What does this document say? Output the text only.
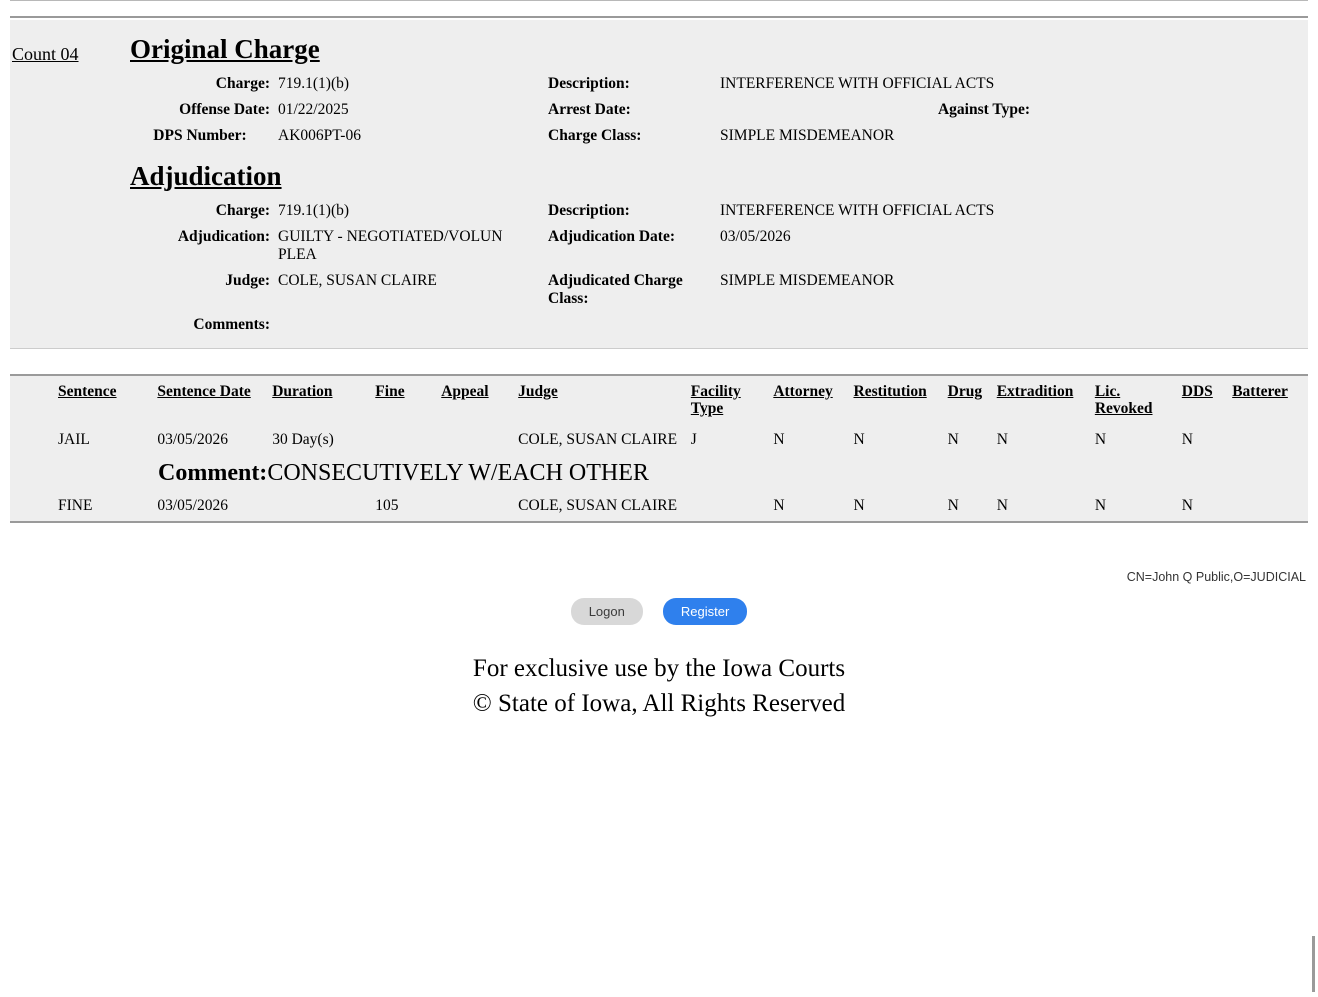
Count 04 Original Charge
Charge: 719.1(1)(b)	Description:	INTERFERENCE WITH OFFICIAL ACTS
Offense Date: 01/22/2025	Arrest Date:	Against Type:
DPS Number:	AK006PT-06	Charge Class:	SIMPLE MISDEMEANOR
Adjudication
Charge: 719.1(1)(b)	Description:	INTERFERENCE WITH OFFICIAL ACTS
Adjudication: GUILTY - NEGOTIATED/VOLUN PLEA
Adjudication Date:	03/05/2026
Judge: COLE, SUSAN CLAIRE	Adjudicated Charge Class:
SIMPLE MISDEMEANOR
Comments:
Sentence	Sentence Date	Duration	Fine	Appeal	Judge	Facility Type	Attorney	Restitution	Drug	Extradition	Lic. Revoked	DDS	Batterer
JAIL	03/05/2026	30 Day(s)			COLE, SUSAN CLAIRE	J	N	N	N	N	N	N	

Comment:CONSECUTIVELY W/EACH OTHER													

FINE	03/05/2026		105		COLE, SUSAN CLAIRE		N	N	N	N	N	N	
CN=John Q Public,O=JUDICIAL
Logon	Register
For exclusive use by the Iowa Courts
© State of Iowa, All Rights Reserved
